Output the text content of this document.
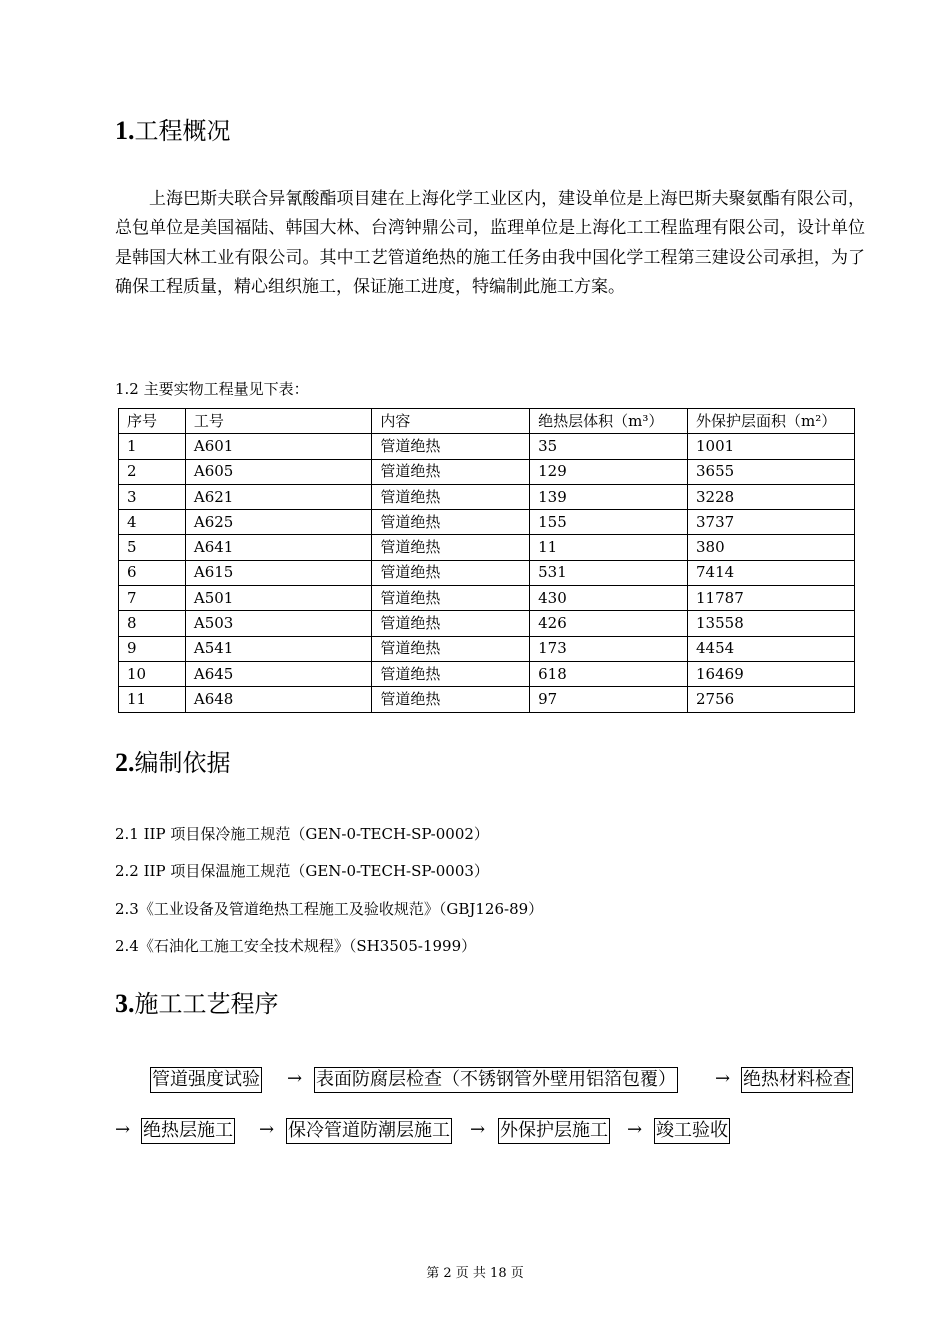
1.工程概况

上海巴斯夫联合异氰酸酯项目建在上海化学工业区内，建设单位是上海巴斯夫聚氨酯有限公司，总包单位是美国福陆、韩国大林、台湾钟鼎公司，监理单位是上海化工工程监理有限公司，设计单位是韩国大林工业有限公司。其中工艺管道绝热的施工任务由我中国化学工程第三建设公司承担，为了确保工程质量，精心组织施工，保证施工进度，特编制此施工方案。

1.2 主要实物工程量见下表：

序号	工号	内容	绝热层体积（m³）	外保护层面积（m²）
1	A601	管道绝热	35	1001
2	A605	管道绝热	129	3655
3	A621	管道绝热	139	3228
4	A625	管道绝热	155	3737
5	A641	管道绝热	11	380
6	A615	管道绝热	531	7414
7	A501	管道绝热	430	11787
8	A503	管道绝热	426	13558
9	A541	管道绝热	173	4454
10	A645	管道绝热	618	16469
11	A648	管道绝热	97	2756
2.编制依据

2.1 IIP 项目保冷施工规范（GEN-0-TECH-SP-0002）

2.2 IIP 项目保温施工规范（GEN-0-TECH-SP-0003）

2.3《工业设备及管道绝热工程施工及验收规范》（GBJ126-89）

2.4《石油化工施工安全技术规程》（SH3505-1999）

3.施工工艺程序
管道强度试验 → 表面防腐层检查（不锈钢管外壁用铝箔包覆） → 绝热材料检查
→ 绝热层施工 → 保冷管道防潮层施工 → 外保护层施工 → 竣工验收
第 2 页 共 18 页
